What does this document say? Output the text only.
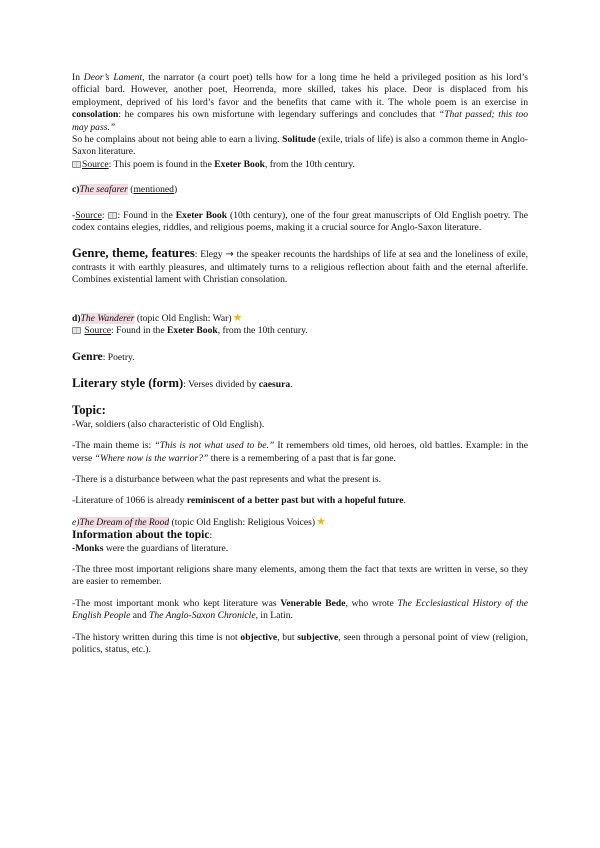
In Deor’s Lament, the narrator (a court poet) tells how for a long time he held a privileged position as his lord’s official bard. However, another poet, Heorrenda, more skilled, takes his place. Deor is displaced from his employment, deprived of his lord’s favor and the benefits that came with it. The whole poem is an exercise in consolation: he compares his own misfortune with legendary sufferings and concludes that “That passed; this too may pass.”

So he complains about not being able to earn a living. Solitude (exile, trials of life) is also a common theme in Anglo-Saxon literature.

Source: This poem is found in the Exeter Book, from the 10th century.

c)The seafarer (mentioned)

-Source: : Found in the Exeter Book (10th century), one of the four great manuscripts of Old English poetry. The codex contains elegies, riddles, and religious poems, making it a crucial source for Anglo-Saxon literature.

Genre, theme, features: Elegy → the speaker recounts the hardships of life at sea and the loneliness of exile, contrasts it with earthly pleasures, and ultimately turns to a religious reflection about faith and the eternal afterlife. Combines existential lament with Christian consolation.

d)The Wanderer (topic Old English: War)★

Source: Found in the Exeter Book, from the 10th century.

Genre: Poetry.

Literary style (form): Verses divided by caesura.

Topic:

-War, soldiers (also characteristic of Old English).

-The main theme is: “This is not what used to be.” It remembers old times, old heroes, old battles. Example: in the verse “Where now is the warrior?” there is a remembering of a past that is far gone.

-There is a disturbance between what the past represents and what the present is.

-Literature of 1066 is already reminiscent of a better past but with a hopeful future.

e)The Dream of the Rood (topic Old English: Religious Voices)★

Information about the topic:

-Monks were the guardians of literature.

-The three most important religions share many elements, among them the fact that texts are written in verse, so they are easier to remember.

-The most important monk who kept literature was Venerable Bede, who wrote The Ecclesiastical History of the English People and The Anglo-Saxon Chronicle, in Latin.

-The history written during this time is not objective, but subjective, seen through a personal point of view (religion, politics, status, etc.).
